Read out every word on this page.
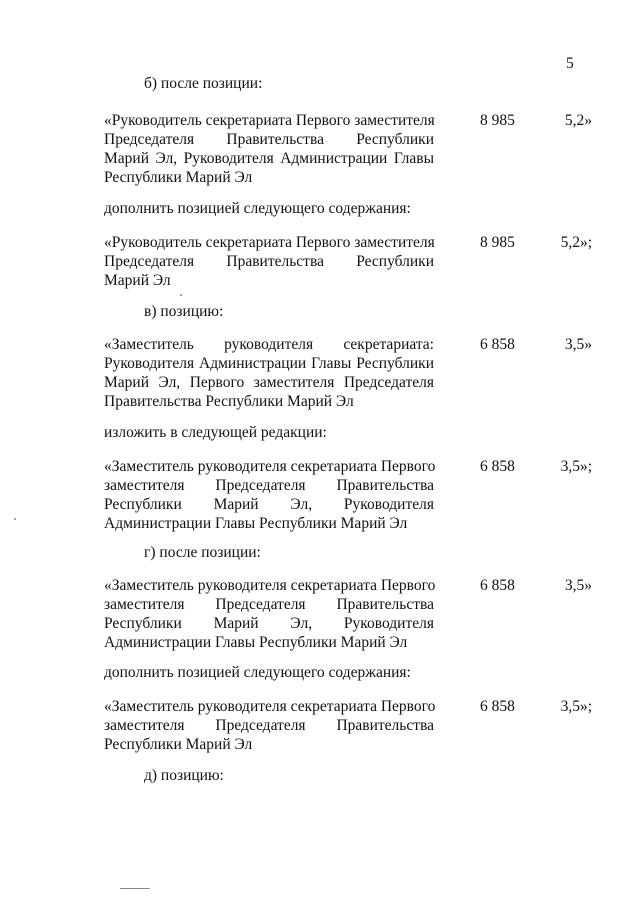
5
б) после позиции:
«Руководитель секретариата Первого заместителя
Председателя Правительства Республики
Марий Эл, Руководителя Администрации Главы
Республики Марий Эл
8 985	5,2»
дополнить позицией следующего содержания:
«Руководитель секретариата Первого заместителя
Председателя Правительства Республики
Марий Эл
8 985	5,2»;
в) позицию:
«Заместитель руководителя секретариата:
Руководителя Администрации Главы Республики
Марий Эл, Первого заместителя Председателя
Правительства Республики Марий Эл
6 858	3,5»
изложить в следующей редакции:
«Заместитель руководителя секретариата Первого
заместителя Председателя Правительства
Республики Марий Эл, Руководителя
Администрации Главы Республики Марий Эл
6 858	3,5»;
г) после позиции:
«Заместитель руководителя секретариата Первого
заместителя Председателя Правительства
Республики Марий Эл, Руководителя
Администрации Главы Республики Марий Эл
6 858	3,5»
дополнить позицией следующего содержания:
«Заместитель руководителя секретариата Первого
заместителя Председателя Правительства
Республики Марий Эл
6 858	3,5»;
д) позицию:
